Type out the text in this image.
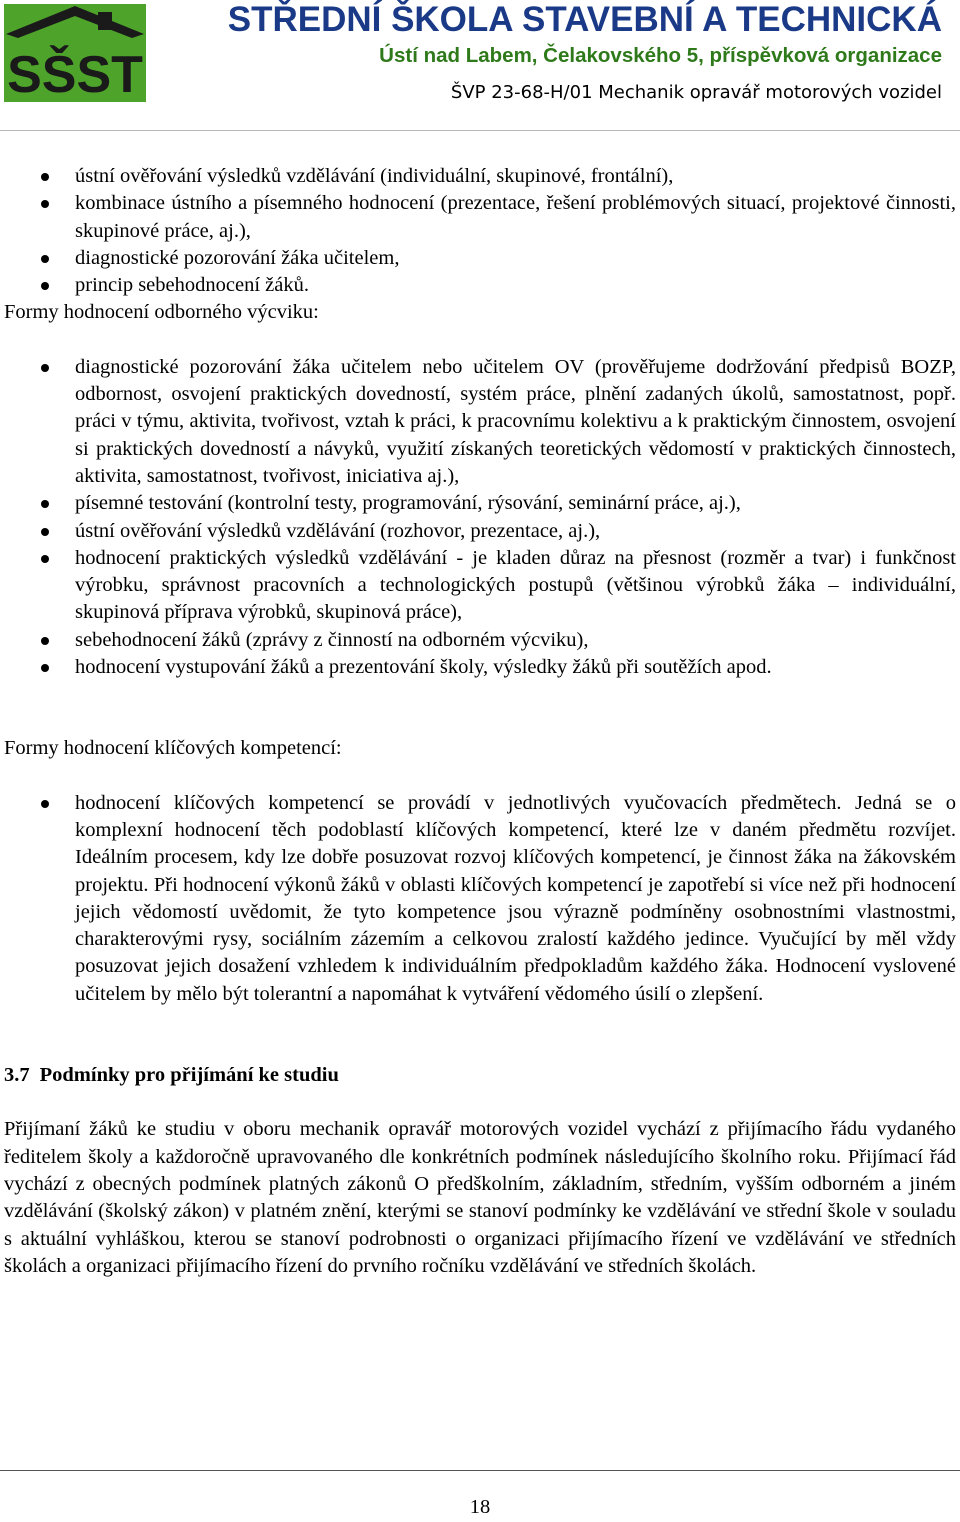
SŠST
STŘEDNÍ ŠKOLA STAVEBNÍ A TECHNICKÁ
Ústí nad Labem, Čelakovského 5, příspěvková organizace
ŠVP 23-68-H/01 Mechanik opravář motorových vozidel
ústní ověřování výsledků vzdělávání (individuální, skupinové, frontální),
kombinace ústního a písemného hodnocení (prezentace, řešení problémových situací, projektové činnosti, skupinové práce, aj.),
diagnostické pozorování žáka učitelem,
princip sebehodnocení žáků.

Formy hodnocení odborného výcviku:

diagnostické pozorování žáka učitelem nebo učitelem OV (prověřujeme dodržování předpisů BOZP, odbornost, osvojení praktických dovedností, systém práce, plnění zadaných úkolů, samostatnost, popř. práci v týmu, aktivita, tvořivost, vztah k práci, k pracovnímu kolektivu a k praktickým činnostem, osvojení si praktických dovedností a návyků, využití získaných teoretických vědomostí v praktických činnostech, aktivita, samostatnost, tvořivost, iniciativa aj.),
písemné testování (kontrolní testy, programování, rýsování, seminární práce, aj.),
ústní ověřování výsledků vzdělávání (rozhovor, prezentace, aj.),
hodnocení praktických výsledků vzdělávání - je kladen důraz na přesnost (rozměr a tvar) i funkčnost výrobku, správnost pracovních a technologických postupů (většinou výrobků žáka – individuální, skupinová příprava výrobků, skupinová práce),
sebehodnocení žáků (zprávy z činností na odborném výcviku),
hodnocení vystupování žáků a prezentování školy, výsledky žáků při soutěžích apod.

Formy hodnocení klíčových kompetencí:

hodnocení klíčových kompetencí se provádí v jednotlivých vyučovacích předmětech. Jedná se o komplexní hodnocení těch podoblastí klíčových kompetencí, které lze v daném předmětu rozvíjet. Ideálním procesem, kdy lze dobře posuzovat rozvoj klíčových kompetencí, je činnost žáka na žákovském projektu. Při hodnocení výkonů žáků v oblasti klíčových kompetencí je zapotřebí si více než při hodnocení jejich vědomostí uvědomit, že tyto kompetence jsou výrazně podmíněny osobnostními vlastnostmi, charakterovými rysy, sociálním zázemím a celkovou zralostí každého jedince. Vyučující by měl vždy posuzovat jejich dosažení vzhledem k individuálním předpokladům každého žáka. Hodnocení vyslovené učitelem by mělo být tolerantní a napomáhat k vytváření vědomého úsilí o zlepšení.

3.7 Podmínky pro přijímání ke studiu

Přijímaní žáků ke studiu v oboru mechanik opravář motorových vozidel vychází z přijímacího řádu vydaného ředitelem školy a každoročně upravovaného dle konkrétních podmínek následujícího školního roku. Přijímací řád vychází z obecných podmínek platných zákonů O předškolním, základním, středním, vyšším odborném a jiném vzdělávání (školský zákon) v platném znění, kterými se stanoví podmínky ke vzdělávání ve střední škole v souladu s aktuální vyhláškou, kterou se stanoví podrobnosti o organizaci přijímacího řízení ve vzdělávání ve středních školách a organizaci přijímacího řízení do prvního ročníku vzdělávání ve středních školách.

18
